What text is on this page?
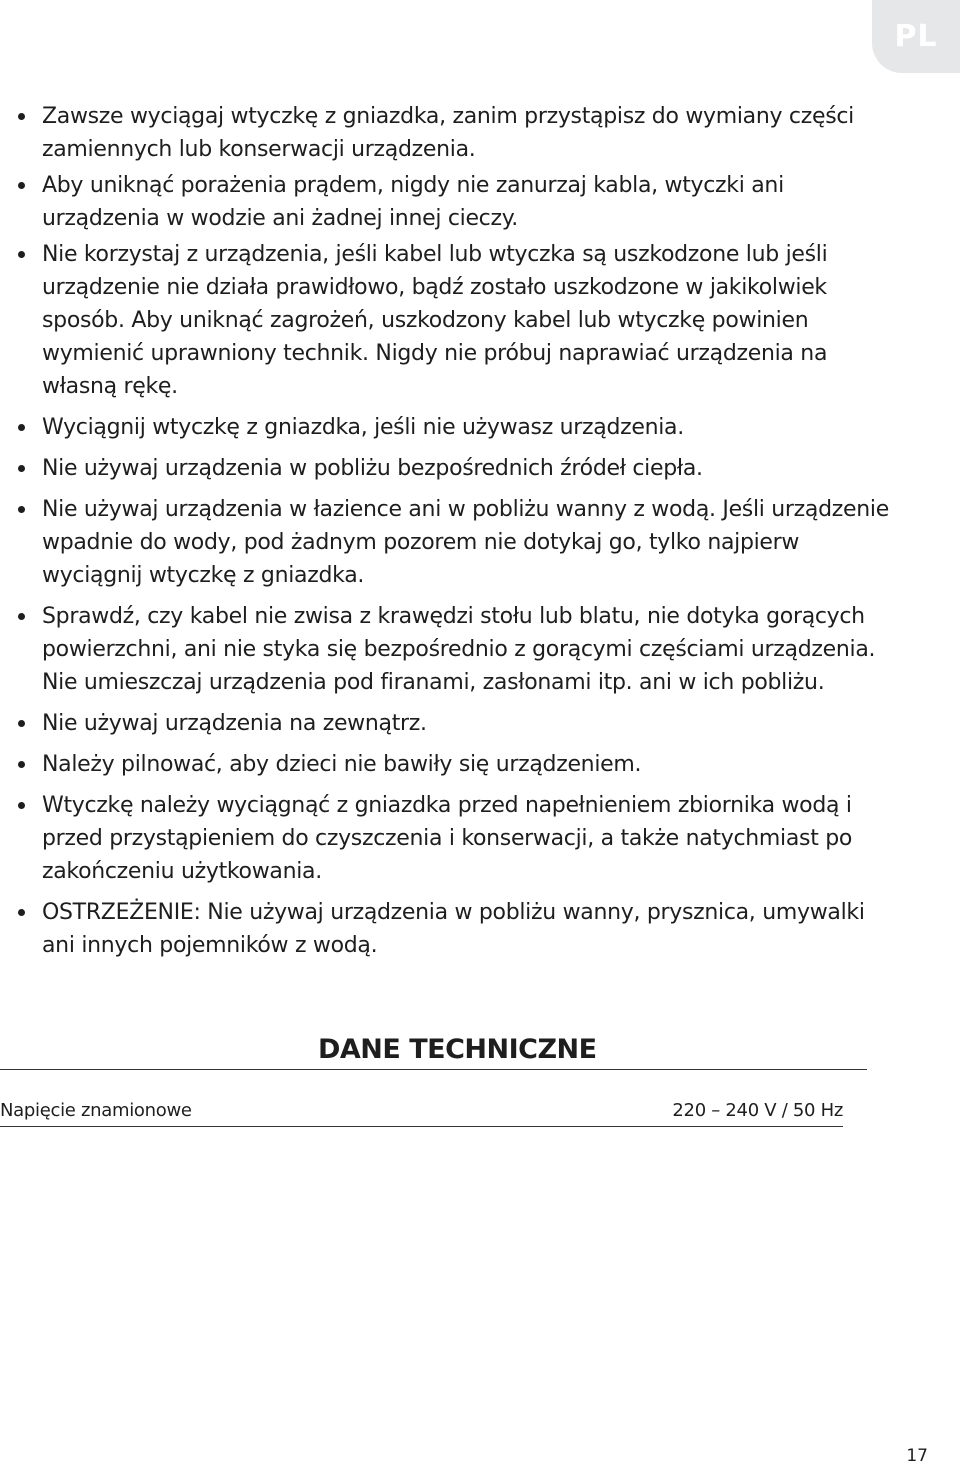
PL
Zawsze wyciągaj wtyczkę z gniazdka, zanim przystąpisz do wymiany części zamiennych lub konserwacji urządzenia.
Aby uniknąć porażenia prądem, nigdy nie zanurzaj kabla, wtyczki ani urządzenia w wodzie ani żadnej innej cieczy.
Nie korzystaj z urządzenia, jeśli kabel lub wtyczka są uszkodzone lub jeśli urządzenie nie działa prawidłowo, bądź zostało uszkodzone w jakikolwiek sposób. Aby uniknąć zagrożeń, uszkodzony kabel lub wtyczkę powinien wymienić uprawniony technik. Nigdy nie próbuj naprawiać urządzenia na własną rękę.
Wyciągnij wtyczkę z gniazdka, jeśli nie używasz urządzenia.
Nie używaj urządzenia w pobliżu bezpośrednich źródeł ciepła.
Nie używaj urządzenia w łazience ani w pobliżu wanny z wodą. Jeśli urządzenie wpadnie do wody, pod żadnym pozorem nie dotykaj go, tylko najpierw wyciągnij wtyczkę z gniazdka.
Sprawdź, czy kabel nie zwisa z krawędzi stołu lub blatu, nie dotyka gorących powierzchni, ani nie styka się bezpośrednio z gorącymi częściami urządzenia. Nie umieszczaj urządzenia pod firanami, zasłonami itp. ani w ich pobliżu.
Nie używaj urządzenia na zewnątrz.
Należy pilnować, aby dzieci nie bawiły się urządzeniem.
Wtyczkę należy wyciągnąć z gniazdka przed napełnieniem zbiornika wodą i przed przystąpieniem do czyszczenia i konserwacji, a także natychmiast po zakończeniu użytkowania.
OSTRZEŻENIE: Nie używaj urządzenia w pobliżu wanny, prysznica, umywalki ani innych pojemników z wodą.
DANE TECHNICZNE
Napięcie znamionowe	220 – 240 V / 50 Hz
17
